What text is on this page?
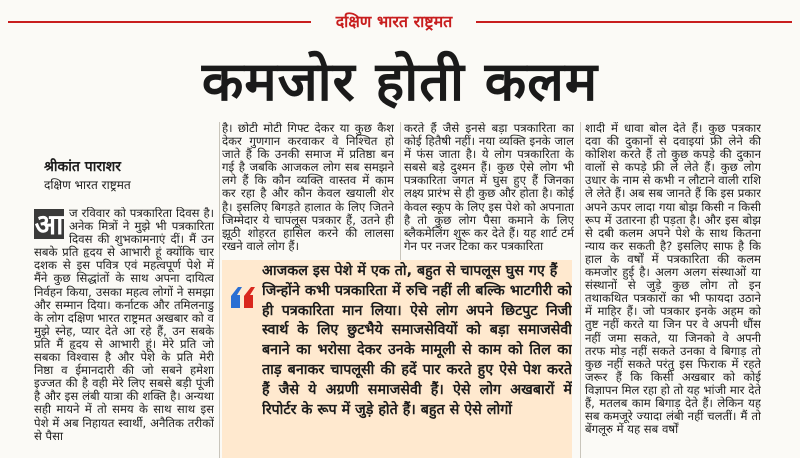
दक्षिण भारत राष्ट्रमत
कमजोर होती कलम
श्रीकांत पाराशर
दक्षिण भारत राष्ट्रमत
आ ज रविवार को पत्रकारिता दिवस है। अनेक मित्रों ने मुझे भी पत्रकारिता दिवस की शुभकामनाएं दीं। मैं उन सबके प्रति हृदय से आभारी हूं क्योंकि चार दशक से इस पवित्र एवं महत्वपूर्ण पेशे में मैंने कुछ सिद्धांतों के साथ अपना दायित्व निर्वहन किया, उसका महत्व लोगों ने समझा और सम्मान दिया। कर्नाटक और तमिलनाडु के लोग दक्षिण भारत राष्ट्रमत अखबार को व मुझे स्नेह, प्यार देते आ रहे हैं, उन सबके प्रति मैं हृदय से आभारी हूं। मेरे प्रति जो सबका विश्वास है और पेशे के प्रति मेरी निष्ठा व ईमानदारी की जो सबने हमेशा इज्जत की है वही मेरे लिए सबसे बड़ी पूंजी है और इस लंबी यात्रा की शक्ति है। अन्यथा सही मायने में तो समय के साथ साथ इस पेशे में अब निहायत स्वार्थी, अनैतिक तरीकों से पैसा
है। छोटी मोटी गिफ्ट देकर या कुछ कैश देकर गुणगान करवाकर वे निश्चित हो जाते हैं कि उनकी समाज में प्रतिष्ठा बन गई है जबकि आजकल लोग सब समझने लगे हैं कि कौन व्यक्ति वास्तव में काम कर रहा है और कौन केवल खयाली शेर है। इसलिए बिगड़ते हालात के लिए जितने जिम्मेदार ये चापलूस पत्रकार हैं, उतने ही झूठी शोहरत हासिल करने की लालसा रखने वाले लोग हैं।
करते हैं जैसे इनसे बड़ा पत्रकारिता का कोई हितैषी नहीं। नया व्यक्ति इनके जाल में फंस जाता है। ये लोग पत्रकारिता के सबसे बड़े दुश्मन हैं। कुछ ऐसे लोग भी पत्रकारिता जगत में घुस हुए हैं जिनका लक्ष्य प्रारंभ से ही कुछ और होता है। कोई केवल स्कूप के लिए इस पेशे को अपनाता है तो कुछ लोग पैसा कमाने के लिए ब्लैकमेलिंग शुरू कर देते हैं। यह शार्ट टर्म गेन पर नजर टिका कर पत्रकारिता
शादी में धावा बोल देते हैं। कुछ पत्रकार दवा की दुकानों से दवाइयां फ्री लेने की कोशिश करते हैं तो कुछ कपड़े की दुकान वालों से कपड़े फ्री ले लेते हैं। कुछ लोग उधार के नाम से कभी न लौटाने वाली राशि ले लेते हैं। अब सब जानते हैं कि इस प्रकार अपने ऊपर लादा गया बोझ किसी न किसी रूप में उतारना ही पड़ता है। और इस बोझ से दबी कलम अपने पेशे के साथ कितना न्याय कर सकती है? इसलिए साफ है कि हाल के वर्षों में पत्रकारिता की कलम कमजोर हुई है। अलग अलग संस्थाओं या संस्थानों से जुड़े कुछ लोग तो इन तथाकथित पत्रकारों का भी फायदा उठाने में माहिर हैं। जो पत्रकार इनके अहम को तुष्ट नहीं करते या जिन पर वे अपनी धौंस नहीं जमा सकते, या जिनको वे अपनी तरफ मोड़ नहीं सकते उनका वे बिगाड़ तो कुछ नहीं सकते परंतु इस फिराक में रहते जरूर हैं कि किसी अखबार को कोई विज्ञापन मिल रहा हो तो यह भांजी मार देते हैं, मतलब काम बिगाड़ देते हैं। लेकिन यह सब कमजूरे ज्यादा लंबी नहीं चलतीं। मैं तो बेंगलूरु में यह सब वर्षों
आजकल इस पेशे में एक तो, बहुत से चापलूस घुस गए हैं
जिन्होंने कभी पत्रकारिता में रुचि नहीं ली बल्कि भाटगीरी को ही पत्रकारिता मान लिया। ऐसे लोग अपने छिटपुट निजी स्वार्थ के लिए छुटभैये समाजसेवियों को बड़ा समाजसेवी बनाने का भरोसा देकर उनके मामूली से काम को तिल का ताड़ बनाकर चापलूसी की हदें पार करते हुए ऐसे पेश करते हैं जैसे ये अग्रणी समाजसेवी हैं। ऐसे लोग अखबारों में रिपोर्टर के रूप में जुड़े होते हैं। बहुत से ऐसे लोगों
